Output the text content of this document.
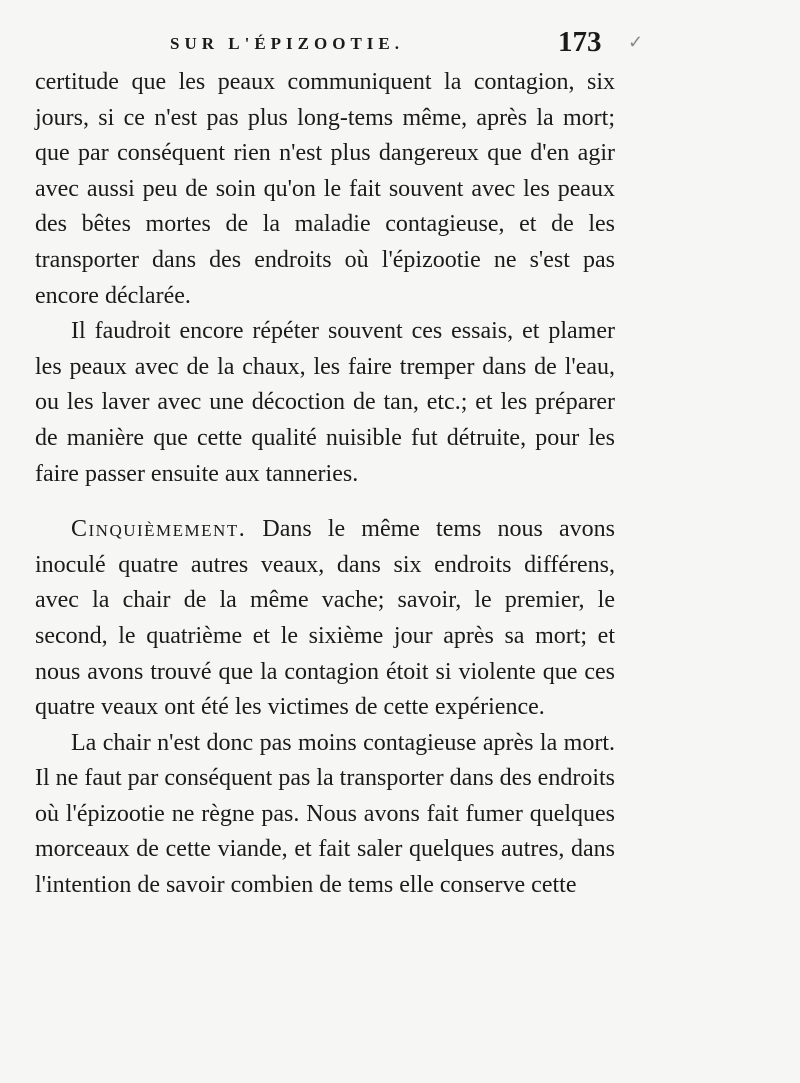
SUR L'ÉPIZOOTIE.	173 ✓

certitude que les peaux communiquent la contagion, six jours, si ce n'est pas plus long-tems même, après la mort; que par conséquent rien n'est plus dangereux que d'en agir avec aussi peu de soin qu'on le fait souvent avec les peaux des bêtes mortes de la maladie contagieuse, et de les transporter dans des endroits où l'épizootie ne s'est pas encore déclarée.

Il faudroit encore répéter souvent ces essais, et plamer les peaux avec de la chaux, les faire tremper dans de l'eau, ou les laver avec une décoction de tan, etc.; et les préparer de manière que cette qualité nuisible fut détruite, pour les faire passer ensuite aux tanneries.

Cinquièmement. Dans le même tems nous avons inoculé quatre autres veaux, dans six endroits différens, avec la chair de la même vache; savoir, le premier, le second, le quatrième et le sixième jour après sa mort; et nous avons trouvé que la contagion étoit si violente que ces quatre veaux ont été les victimes de cette expérience.

La chair n'est donc pas moins contagieuse après la mort. Il ne faut par conséquent pas la transporter dans des endroits où l'épizootie ne règne pas. Nous avons fait fumer quelques morceaux de cette viande, et fait saler quelques autres, dans l'intention de savoir combien de tems elle conserve cette
